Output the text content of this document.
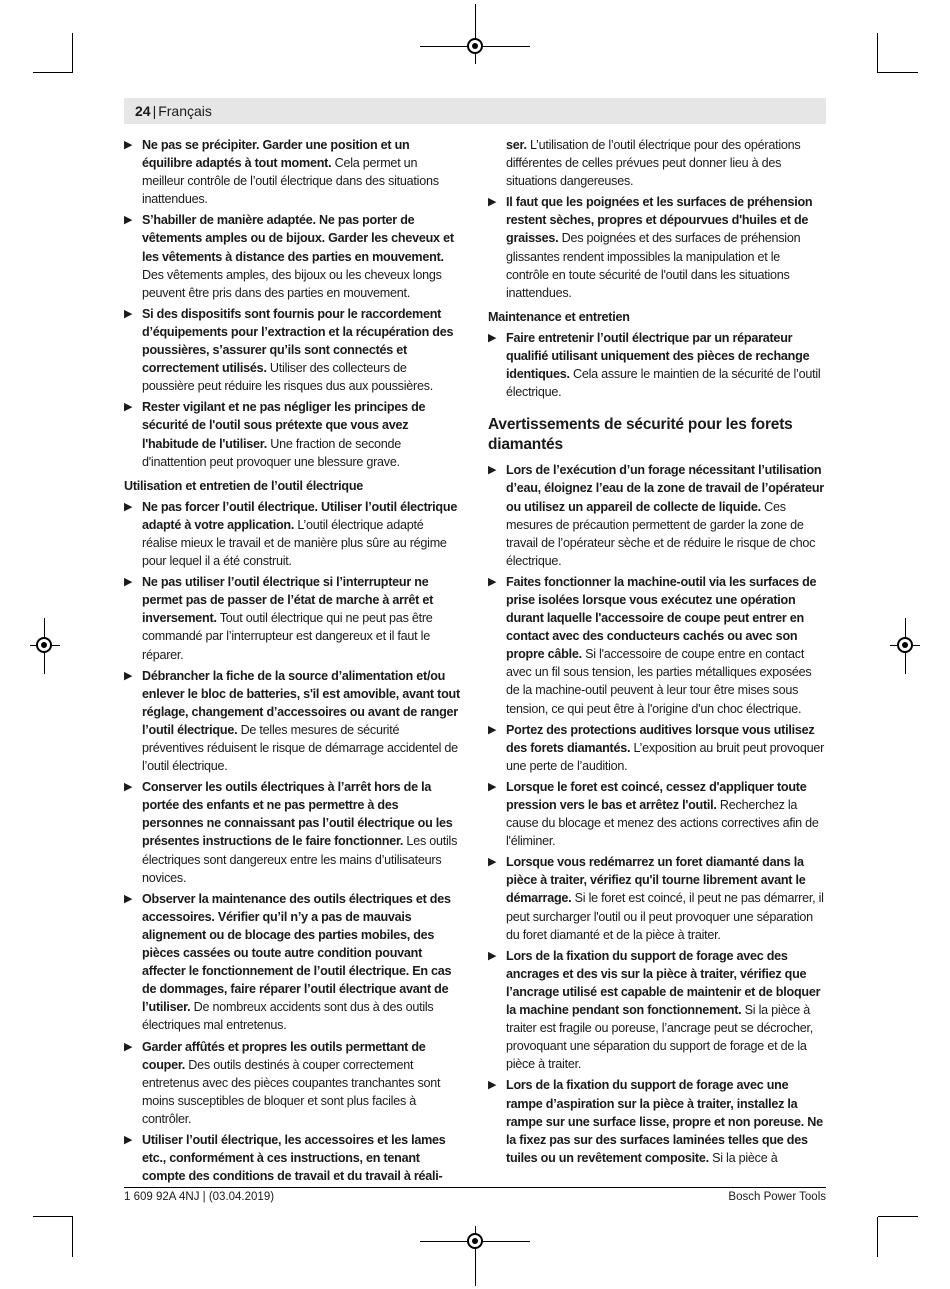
24 | Français
▶ Ne pas se précipiter. Garder une position et un équilibre adaptés à tout moment. Cela permet un meilleur contrôle de l’outil électrique dans des situations inattendues.
▶ S’habiller de manière adaptée. Ne pas porter de vêtements amples ou de bijoux. Garder les cheveux et les vêtements à distance des parties en mouvement. Des vêtements amples, des bijoux ou les cheveux longs peuvent être pris dans des parties en mouvement.
▶ Si des dispositifs sont fournis pour le raccordement d’équipements pour l’extraction et la récupération des poussières, s’assurer qu’ils sont connectés et correctement utilisés. Utiliser des collecteurs de poussière peut réduire les risques dus aux poussières.
▶ Rester vigilant et ne pas négliger les principes de sécurité de l'outil sous prétexte que vous avez l'habitude de l'utiliser. Une fraction de seconde d'inattention peut provoquer une blessure grave.
Utilisation et entretien de l’outil électrique
▶ Ne pas forcer l’outil électrique. Utiliser l’outil électrique adapté à votre application. L’outil électrique adapté réalise mieux le travail et de manière plus sûre au régime pour lequel il a été construit.
▶ Ne pas utiliser l’outil électrique si l’interrupteur ne permet pas de passer de l’état de marche à arrêt et inversement. Tout outil électrique qui ne peut pas être commandé par l’interrupteur est dangereux et il faut le réparer.
▶ Débrancher la fiche de la source d’alimentation et/ou enlever le bloc de batteries, s'il est amovible, avant tout réglage, changement d’accessoires ou avant de ranger l’outil électrique. De telles mesures de sécurité préventives réduisent le risque de démarrage accidentel de l’outil électrique.
▶ Conserver les outils électriques à l’arrêt hors de la portée des enfants et ne pas permettre à des personnes ne connaissant pas l’outil électrique ou les présentes instructions de le faire fonctionner. Les outils électriques sont dangereux entre les mains d’utilisateurs novices.
▶ Observer la maintenance des outils électriques et des accessoires. Vérifier qu’il n’y a pas de mauvais alignement ou de blocage des parties mobiles, des pièces cassées ou toute autre condition pouvant affecter le fonctionnement de l’outil électrique. En cas de dommages, faire réparer l’outil électrique avant de l’utiliser. De nombreux accidents sont dus à des outils électriques mal entretenus.
▶ Garder affûtés et propres les outils permettant de couper. Des outils destinés à couper correctement entretenus avec des pièces coupantes tranchantes sont moins susceptibles de bloquer et sont plus faciles à contrôler.
▶ Utiliser l’outil électrique, les accessoires et les lames etc., conformément à ces instructions, en tenant compte des conditions de travail et du travail à réali-
ser. L’utilisation de l’outil électrique pour des opérations différentes de celles prévues peut donner lieu à des situations dangereuses.
▶ Il faut que les poignées et les surfaces de préhension restent sèches, propres et dépourvues d'huiles et de graisses. Des poignées et des surfaces de préhension glissantes rendent impossibles la manipulation et le contrôle en toute sécurité de l'outil dans les situations inattendues.
Maintenance et entretien
▶ Faire entretenir l’outil électrique par un réparateur qualifié utilisant uniquement des pièces de rechange identiques. Cela assure le maintien de la sécurité de l’outil électrique.
Avertissements de sécurité pour les forets diamantés
▶ Lors de l’exécution d’un forage nécessitant l’utilisation d’eau, éloignez l’eau de la zone de travail de l’opérateur ou utilisez un appareil de collecte de liquide. Ces mesures de précaution permettent de garder la zone de travail de l’opérateur sèche et de réduire le risque de choc électrique.
▶ Faites fonctionner la machine-outil via les surfaces de prise isolées lorsque vous exécutez une opération durant laquelle l'accessoire de coupe peut entrer en contact avec des conducteurs cachés ou avec son propre câble. Si l'accessoire de coupe entre en contact avec un fil sous tension, les parties métalliques exposées de la machine-outil peuvent à leur tour être mises sous tension, ce qui peut être à l'origine d'un choc électrique.
▶ Portez des protections auditives lorsque vous utilisez des forets diamantés. L’exposition au bruit peut provoquer une perte de l’audition.
▶ Lorsque le foret est coincé, cessez d'appliquer toute pression vers le bas et arrêtez l'outil. Recherchez la cause du blocage et menez des actions correctives afin de l'éliminer.
▶ Lorsque vous redémarrez un foret diamanté dans la pièce à traiter, vérifiez qu'il tourne librement avant le démarrage. Si le foret est coincé, il peut ne pas démarrer, il peut surcharger l'outil ou il peut provoquer une séparation du foret diamanté et de la pièce à traiter.
▶ Lors de la fixation du support de forage avec des ancrages et des vis sur la pièce à traiter, vérifiez que l’ancrage utilisé est capable de maintenir et de bloquer la machine pendant son fonctionnement. Si la pièce à traiter est fragile ou poreuse, l’ancrage peut se décrocher, provoquant une séparation du support de forage et de la pièce à traiter.
▶ Lors de la fixation du support de forage avec une rampe d’aspiration sur la pièce à traiter, installez la rampe sur une surface lisse, propre et non poreuse. Ne la fixez pas sur des surfaces laminées telles que des tuiles ou un revêtement composite. Si la pièce à
1 609 92A 4NJ | (03.04.2019)	Bosch Power Tools
